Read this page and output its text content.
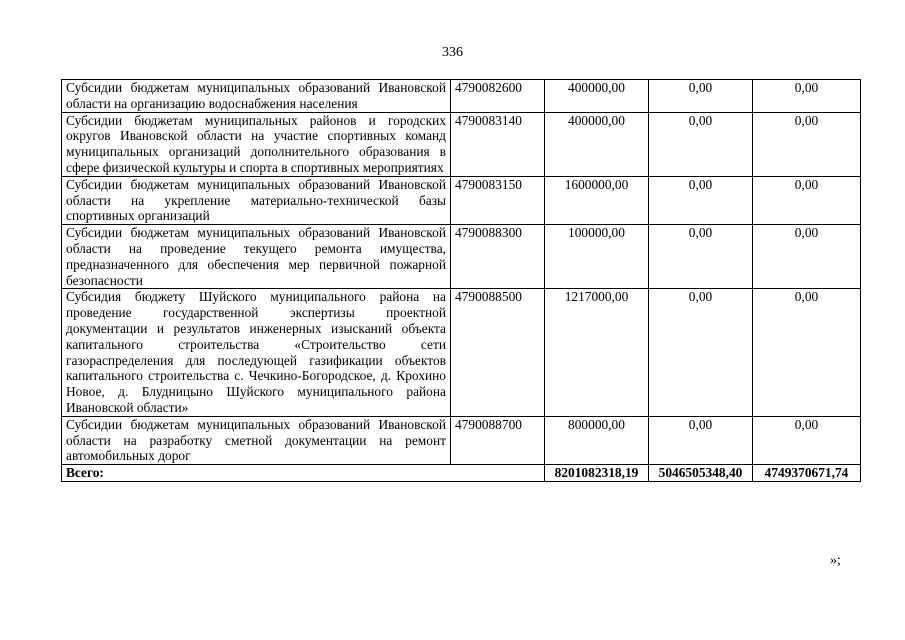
336
Субсидии бюджетам муниципальных образований Ивановской области на организацию водоснабжения населения	4790082600	400000,00	0,00	0,00
Субсидии бюджетам муниципальных районов и городских округов Ивановской области на участие спортивных команд муниципальных организаций дополнительного образования в сфере физической культуры и спорта в спортивных мероприятиях	4790083140	400000,00	0,00	0,00
Субсидии бюджетам муниципальных образований Ивановской области на укрепление материально-технической базы спортивных организаций	4790083150	1600000,00	0,00	0,00
Субсидии бюджетам муниципальных образований Ивановской области на проведение текущего ремонта имущества, предназначенного для обеспечения мер первичной пожарной безопасности	4790088300	100000,00	0,00	0,00
Субсидия бюджету Шуйского муниципального района на проведение государственной экспертизы проектной документации и результатов инженерных изысканий объекта капитального строительства «Строительство сети газораспределения для последующей газификации объектов капитального строительства с. Чечкино-Богородское, д. Крохино Новое, д. Блудницыно Шуйского муниципального района Ивановской области»	4790088500	1217000,00	0,00	0,00
Субсидии бюджетам муниципальных образований Ивановской области на разработку сметной документации на ремонт автомобильных дорог	4790088700	800000,00	0,00	0,00
Всего:		8201082318,19	5046505348,40	4749370671,74
»;
